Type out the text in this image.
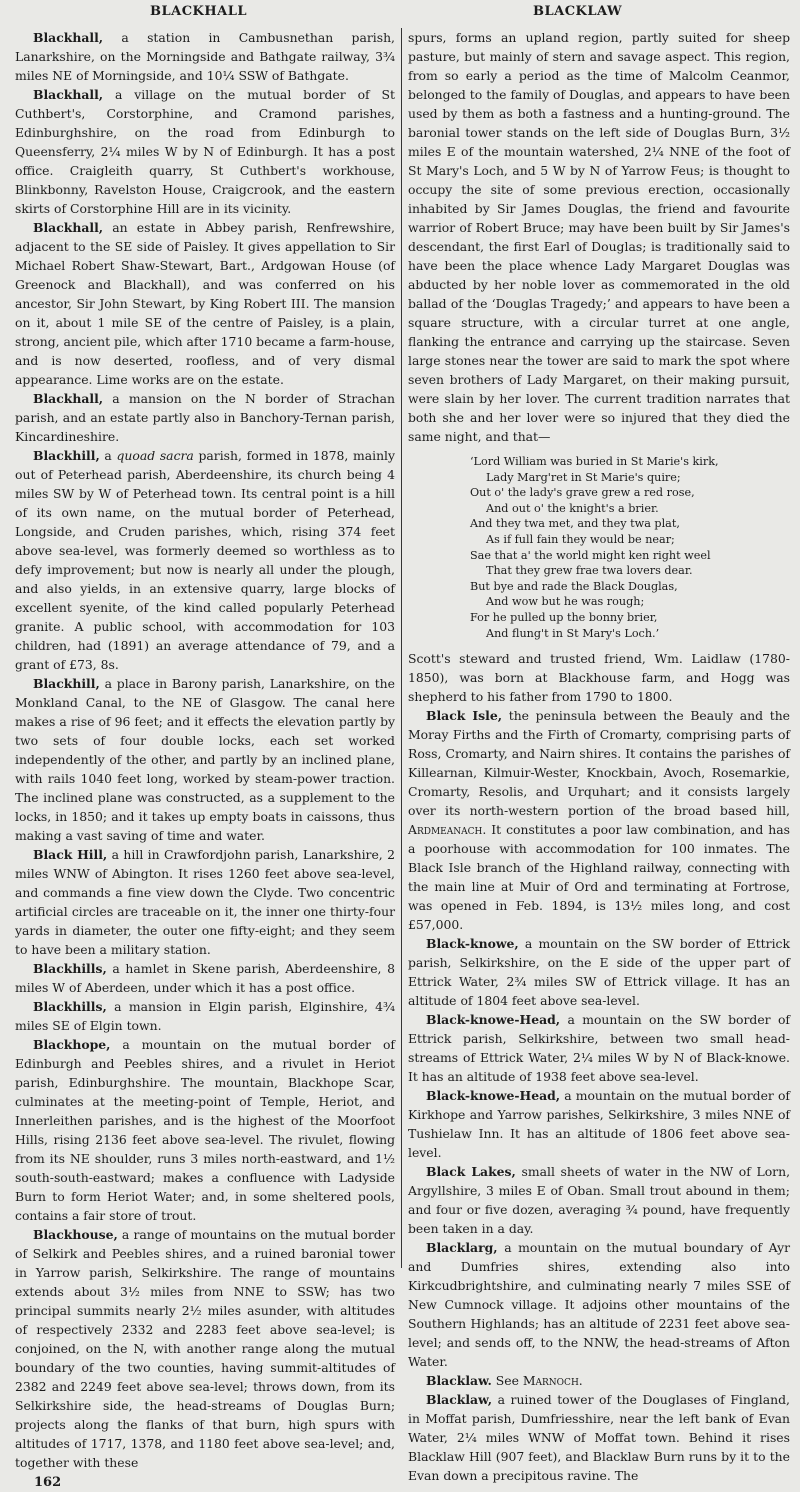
BLACKHALL	BLACKLAW

Blackhall, a station in Cambusnethan parish, Lanarkshire, on the Morningside and Bathgate railway, 3¾ miles NE of Morningside, and 10¼ SSW of Bathgate.

Blackhall, a village on the mutual border of St Cuthbert's, Corstorphine, and Cramond parishes, Edinburghshire, on the road from Edinburgh to Queensferry, 2¼ miles W by N of Edinburgh. It has a post office. Craigleith quarry, St Cuthbert's workhouse, Blinkbonny, Ravelston House, Craigcrook, and the eastern skirts of Corstorphine Hill are in its vicinity.

Blackhall, an estate in Abbey parish, Renfrewshire, adjacent to the SE side of Paisley. It gives appellation to Sir Michael Robert Shaw-Stewart, Bart., Ardgowan House (of Greenock and Blackhall), and was conferred on his ancestor, Sir John Stewart, by King Robert III. The mansion on it, about 1 mile SE of the centre of Paisley, is a plain, strong, ancient pile, which after 1710 became a farm-house, and is now deserted, roofless, and of very dismal appearance. Lime works are on the estate.

Blackhall, a mansion on the N border of Strachan parish, and an estate partly also in Banchory-Ternan parish, Kincardineshire.

Blackhill, a quoad sacra parish, formed in 1878, mainly out of Peterhead parish, Aberdeenshire, its church being 4 miles SW by W of Peterhead town. Its central point is a hill of its own name, on the mutual border of Peterhead, Longside, and Cruden parishes, which, rising 374 feet above sea-level, was formerly deemed so worthless as to defy improvement; but now is nearly all under the plough, and also yields, in an extensive quarry, large blocks of excellent syenite, of the kind called popularly Peterhead granite. A public school, with accommodation for 103 children, had (1891) an average attendance of 79, and a grant of £73, 8s.

Blackhill, a place in Barony parish, Lanarkshire, on the Monkland Canal, to the NE of Glasgow. The canal here makes a rise of 96 feet; and it effects the elevation partly by two sets of four double locks, each set worked independently of the other, and partly by an inclined plane, with rails 1040 feet long, worked by steam-power traction. The inclined plane was constructed, as a supplement to the locks, in 1850; and it takes up empty boats in caissons, thus making a vast saving of time and water.

Black Hill, a hill in Crawfordjohn parish, Lanarkshire, 2 miles WNW of Abington. It rises 1260 feet above sea-level, and commands a fine view down the Clyde. Two concentric artificial circles are traceable on it, the inner one thirty-four yards in diameter, the outer one fifty-eight; and they seem to have been a military station.

Blackhills, a hamlet in Skene parish, Aberdeenshire, 8 miles W of Aberdeen, under which it has a post office.

Blackhills, a mansion in Elgin parish, Elginshire, 4¾ miles SE of Elgin town.

Blackhope, a mountain on the mutual border of Edinburgh and Peebles shires, and a rivulet in Heriot parish, Edinburghshire. The mountain, Blackhope Scar, culminates at the meeting-point of Temple, Heriot, and Innerleithen parishes, and is the highest of the Moorfoot Hills, rising 2136 feet above sea-level. The rivulet, flowing from its NE shoulder, runs 3 miles north-eastward, and 1½ south-south-eastward; makes a confluence with Ladyside Burn to form Heriot Water; and, in some sheltered pools, contains a fair store of trout.

Blackhouse, a range of mountains on the mutual border of Selkirk and Peebles shires, and a ruined baronial tower in Yarrow parish, Selkirkshire. The range of mountains extends about 3½ miles from NNE to SSW; has two principal summits nearly 2½ miles asunder, with altitudes of respectively 2332 and 2283 feet above sea-level; is conjoined, on the N, with another range along the mutual boundary of the two counties, having summit-altitudes of 2382 and 2249 feet above sea-level; throws down, from its Selkirkshire side, the head-streams of Douglas Burn; projects along the flanks of that burn, high spurs with altitudes of 1717, 1378, and 1180 feet above sea-level; and, together with these

162

spurs, forms an upland region, partly suited for sheep pasture, but mainly of stern and savage aspect. This region, from so early a period as the time of Malcolm Ceanmor, belonged to the family of Douglas, and appears to have been used by them as both a fastness and a hunting-ground. The baronial tower stands on the left side of Douglas Burn, 3½ miles E of the mountain watershed, 2¼ NNE of the foot of St Mary's Loch, and 5 W by N of Yarrow Feus; is thought to occupy the site of some previous erection, occasionally inhabited by Sir James Douglas, the friend and favourite warrior of Robert Bruce; may have been built by Sir James's descendant, the first Earl of Douglas; is traditionally said to have been the place whence Lady Margaret Douglas was abducted by her noble lover as commemorated in the old ballad of the ‘Douglas Tragedy;’ and appears to have been a square structure, with a circular turret at one angle, flanking the entrance and carrying up the staircase. Seven large stones near the tower are said to mark the spot where seven brothers of Lady Margaret, on their making pursuit, were slain by her lover. The current tradition narrates that both she and her lover were so injured that they died the same night, and that—

‘Lord William was buried in St Marie's kirk,
Lady Marg'ret in St Marie's quire;
Out o' the lady's grave grew a red rose,
And out o' the knight's a brier.
And they twa met, and they twa plat,
As if full fain they would be near;
Sae that a' the world might ken right weel
That they grew frae twa lovers dear.
But bye and rade the Black Douglas,
And wow but he was rough;
For he pulled up the bonny brier,
And flung't in St Mary's Loch.’

Scott's steward and trusted friend, Wm. Laidlaw (1780-1850), was born at Blackhouse farm, and Hogg was shepherd to his father from 1790 to 1800.

Black Isle, the peninsula between the Beauly and the Moray Firths and the Firth of Cromarty, comprising parts of Ross, Cromarty, and Nairn shires. It contains the parishes of Killearnan, Kilmuir-Wester, Knockbain, Avoch, Rosemarkie, Cromarty, Resolis, and Urquhart; and it consists largely over its north-western portion of the broad based hill, Ardmeanach. It constitutes a poor law combination, and has a poorhouse with accommodation for 100 inmates. The Black Isle branch of the Highland railway, connecting with the main line at Muir of Ord and terminating at Fortrose, was opened in Feb. 1894, is 13½ miles long, and cost £57,000.

Black-knowe, a mountain on the SW border of Ettrick parish, Selkirkshire, on the E side of the upper part of Ettrick Water, 2¾ miles SW of Ettrick village. It has an altitude of 1804 feet above sea-level.

Black-knowe-Head, a mountain on the SW border of Ettrick parish, Selkirkshire, between two small head-streams of Ettrick Water, 2¼ miles W by N of Black-knowe. It has an altitude of 1938 feet above sea-level.

Black-knowe-Head, a mountain on the mutual border of Kirkhope and Yarrow parishes, Selkirkshire, 3 miles NNE of Tushielaw Inn. It has an altitude of 1806 feet above sea-level.

Black Lakes, small sheets of water in the NW of Lorn, Argyllshire, 3 miles E of Oban. Small trout abound in them; and four or five dozen, averaging ¾ pound, have frequently been taken in a day.

Blacklarg, a mountain on the mutual boundary of Ayr and Dumfries shires, extending also into Kirkcudbrightshire, and culminating nearly 7 miles SSE of New Cumnock village. It adjoins other mountains of the Southern Highlands; has an altitude of 2231 feet above sea-level; and sends off, to the NNW, the head-streams of Afton Water.

Blacklaw. See Marnoch.

Blacklaw, a ruined tower of the Douglases of Fingland, in Moffat parish, Dumfriesshire, near the left bank of Evan Water, 2¼ miles WNW of Moffat town. Behind it rises Blacklaw Hill (907 feet), and Blacklaw Burn runs by it to the Evan down a precipitous ravine. The
